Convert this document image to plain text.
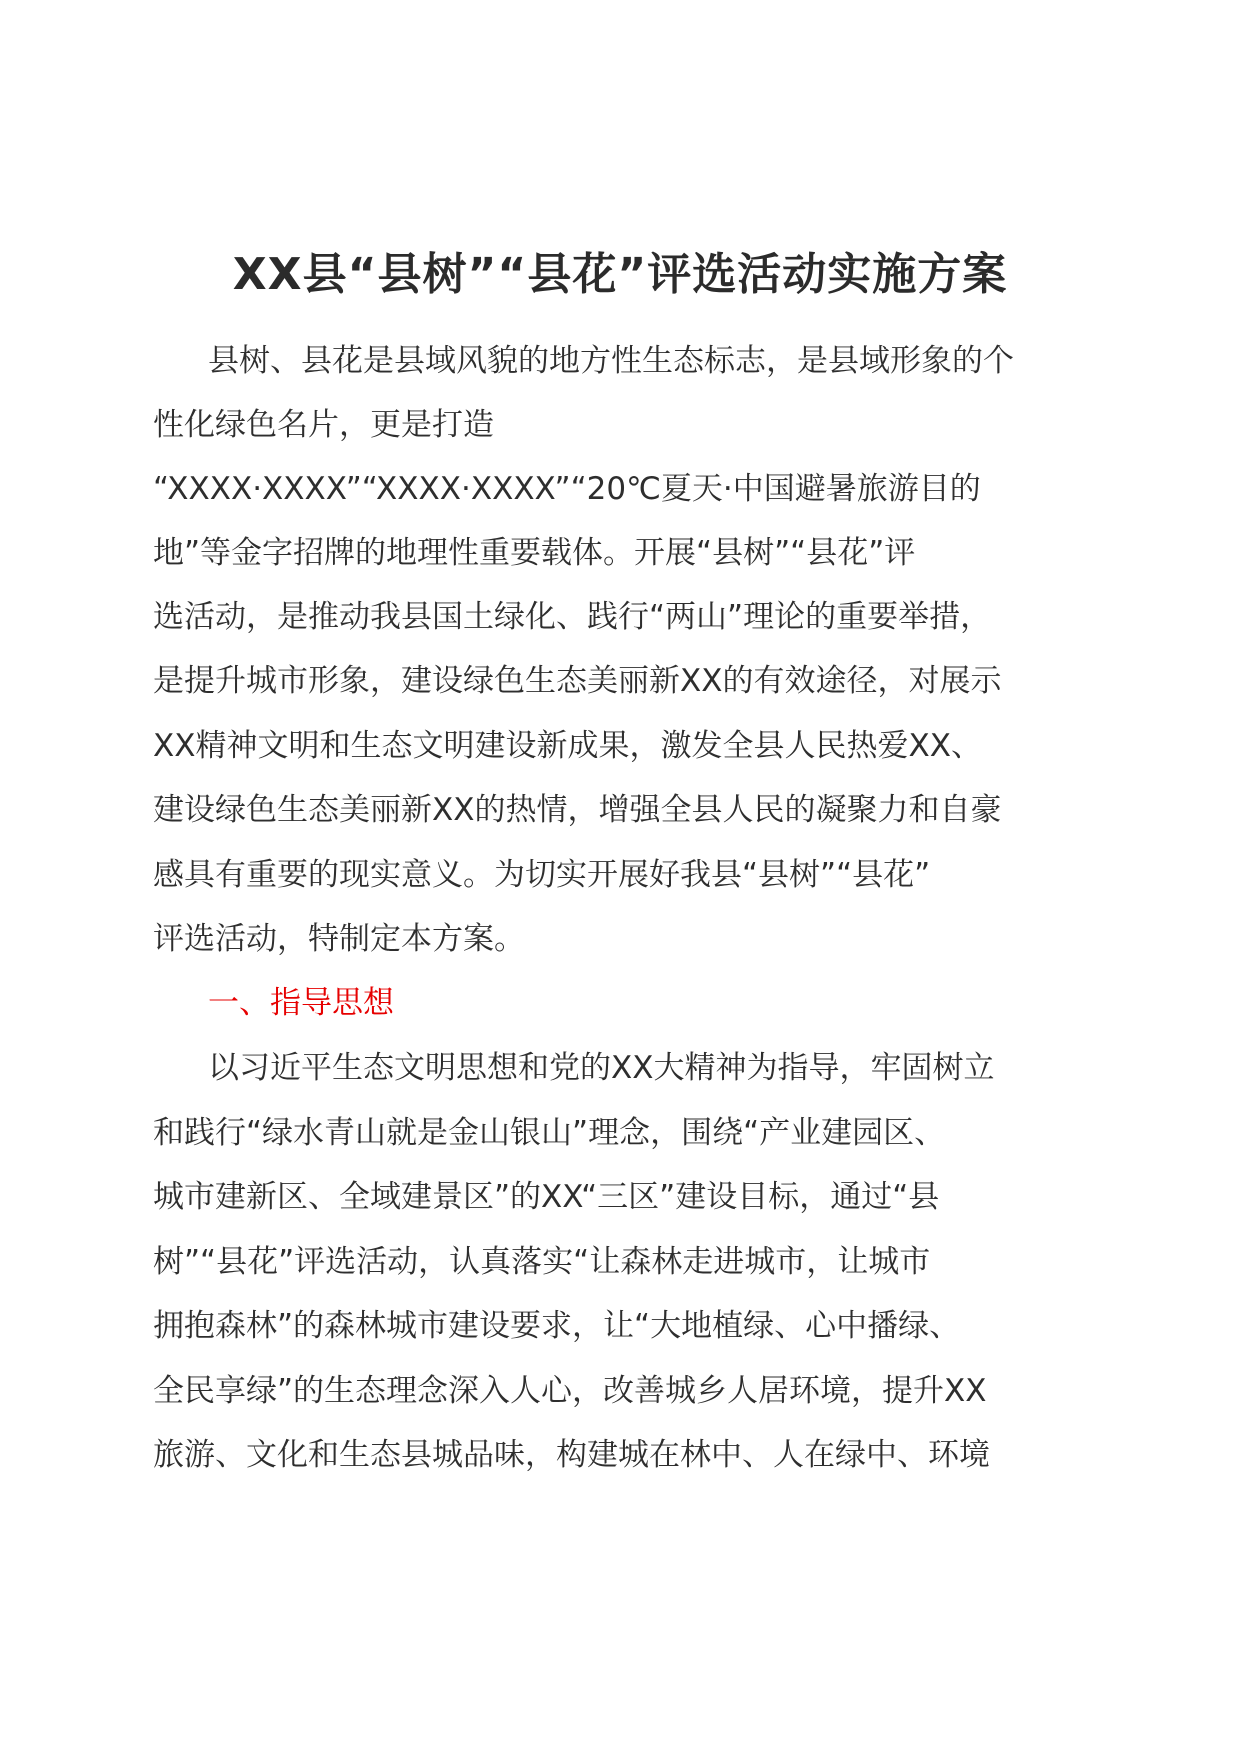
XX县“县树”“县花”评选活动实施方案
县树、县花是县域风貌的地方性生态标志，是县域形象的个
性化绿色名片，更是打造
“XXXX·XXXX”“XXXX·XXXX”“20℃夏天·中国避暑旅游目的
地”等金字招牌的地理性重要载体。开展“县树”“县花”评
选活动，是推动我县国土绿化、践行“两山”理论的重要举措，
是提升城市形象，建设绿色生态美丽新XX的有效途径，对展示
XX精神文明和生态文明建设新成果，激发全县人民热爱XX、
建设绿色生态美丽新XX的热情，增强全县人民的凝聚力和自豪
感具有重要的现实意义。为切实开展好我县“县树”“县花”
评选活动，特制定本方案。
一、指导思想
以习近平生态文明思想和党的XX大精神为指导，牢固树立
和践行“绿水青山就是金山银山”理念，围绕“产业建园区、
城市建新区、全域建景区”的XX“三区”建设目标，通过“县
树”“县花”评选活动，认真落实“让森林走进城市，让城市
拥抱森林”的森林城市建设要求，让“大地植绿、心中播绿、
全民享绿”的生态理念深入人心，改善城乡人居环境，提升XX
旅游、文化和生态县城品味，构建城在林中、人在绿中、环境
